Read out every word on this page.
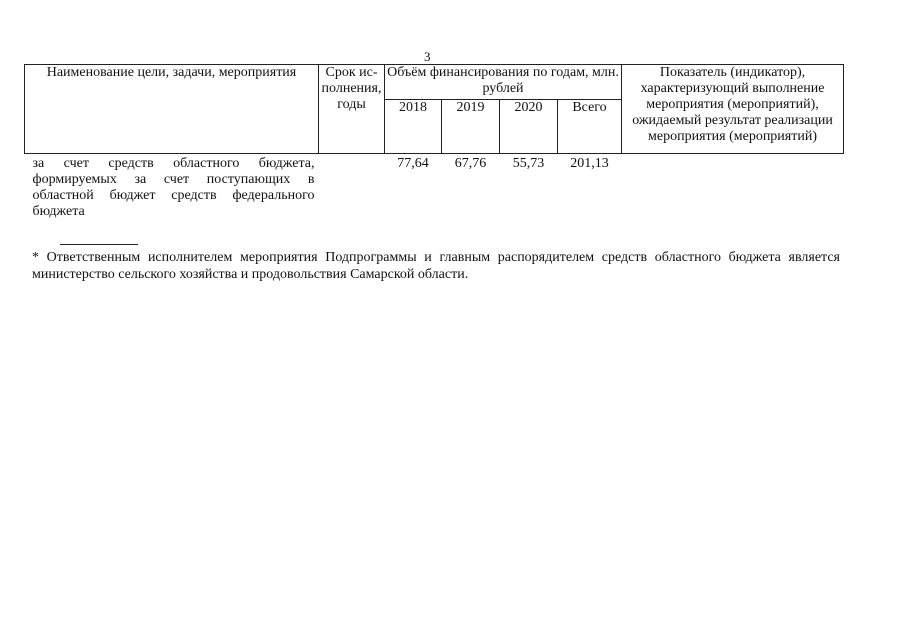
3
Наименование цели, задачи, мероприятия	Срок ис-полнения, годы	Объём финансирования по годам, млн. рублей				Показатель (индикатор), характеризующий выполнение мероприятия (мероприятий), ожидаемый результат реализации мероприятия (мероприятий)
		2018	2019	2020	Всего	
за счет средств областного бюджета, формируемых за счет поступающих в областной бюджет средств федерального бюджета		77,64	67,76	55,73	201,13	
* Ответственным исполнителем мероприятия Подпрограммы и главным распорядителем средств областного бюджета является министерство сельского хозяйства и продовольствия Самарской области.
